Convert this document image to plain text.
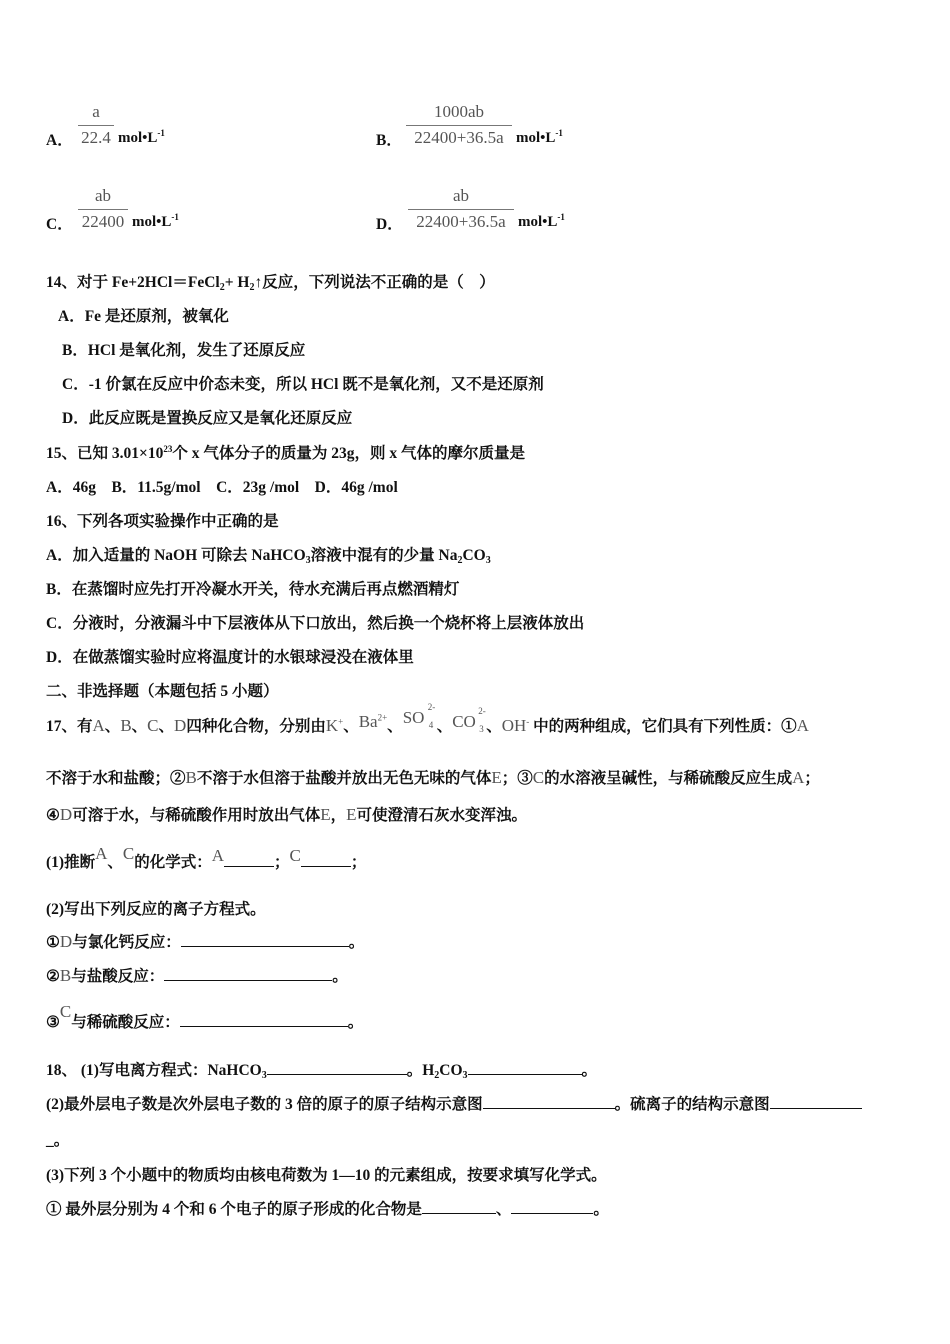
A．
a
22.4 $mol•L^{-1}$	B．
1000ab
22400+36.5a $mol•L^{-1}$
C．
ab
22400 $mol•L^{-1}$	D．
ab
22400+36.5a $mol•L^{-1}$
14、对于 Fe+2HCl＝FeCl$_2$+ $H_2↑$反应，下列说法不正确的是（　）
A．Fe 是还原剂，被氧化
B．HCl 是氧化剂，发生了还原反应
C．-1 价氯在反应中价态未变，所以 HCl 既不是氧化剂，又不是还原剂
D．此反应既是置换反应又是氧化还原反应
15、已知 $3.01\times 10^{23}$个 x 气体分子的质量为 23g，则 x 气体的摩尔质量是
A．46g　B．11.5g/mol　C．23g /mol　D．46g /mol
16、下列各项实验操作中正确的是
A．加入适量的 NaOH 可除去 NaHCO$_3$溶液中混有的少量 $Na_2CO_3$
B．在蒸馏时应先打开冷凝水开关，待水充满后再点燃酒精灯
C．分液时，分液漏斗中下层液体从下口放出，然后换一个烧杯将上层液体放出
D．在做蒸馏实验时应将温度计的水银球浸没在液体里
二、非选择题（本题包括 5 小题）
17、有A、B、C、D四种化合物，分别由K+、$Ba^{2+}$、SO
2-
4 、CO
2-
3 、OH- 中的两种组成，它们具有下列性质：①A
不溶于水和盐酸；②B不溶于水但溶于盐酸并放出无色无味的气体E；③C的水溶液呈碱性，与稀硫酸反应生成A；
④D可溶于水，与稀硫酸作用时放出气体E，E可使澄清石灰水变浑浊。
(1)推断A、C的化学式：A	；C	；
(2)写出下列反应的离子方程式。
①D与氯化钙反应：	。
②B与盐酸反应：	。
③C与稀硫酸反应：	。
18、 (1)写电离方程式：NaHCO$_3$	。$H_2CO_3$	。
(2)最外层电子数是次外层电子数的 3 倍的原子的原子结构示意图	。硫离子的结构示意图
_。
(3)下列 3 个小题中的物质均由核电荷数为 1—10 的元素组成，按要求填写化学式。
① 最外层分别为 4 个和 6 个电子的原子形成的化合物是	、	。
